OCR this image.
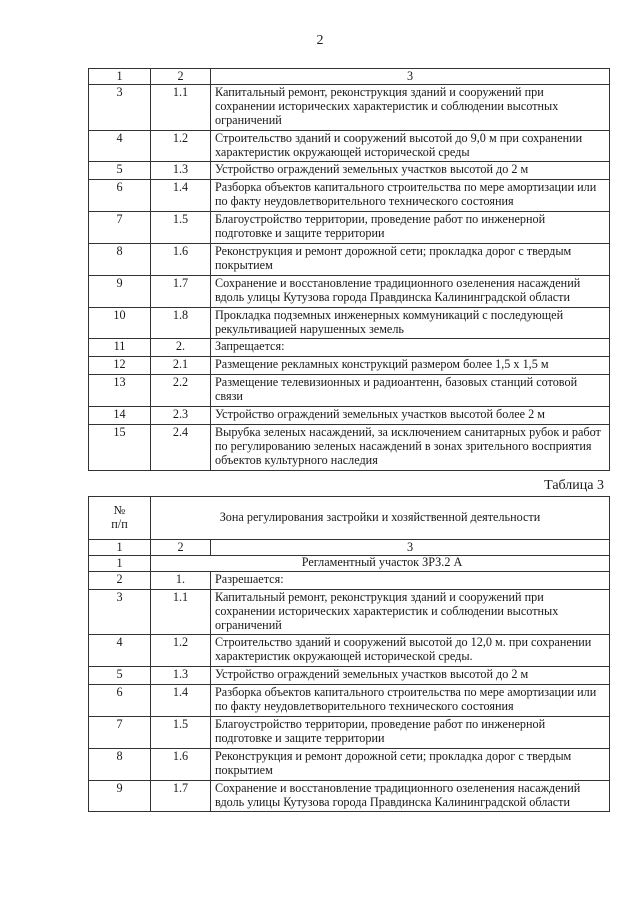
2
1	2	3
3	1.1	Капитальный ремонт, реконструкция зданий и сооружений при сохранении исторических характеристик и соблюдении высотных ограничений
4	1.2	Строительство зданий и сооружений высотой до 9,0 м при сохранении характеристик окружающей исторической среды
5	1.3	Устройство ограждений земельных участков высотой до 2 м
6	1.4	Разборка объектов капитального строительства по мере амортизации или по факту неудовлетворительного технического состояния
7	1.5	Благоустройство территории, проведение работ по инженерной подготовке и защите территории
8	1.6	Реконструкция и ремонт дорожной сети; прокладка дорог с твердым покрытием
9	1.7	Сохранение и восстановление традиционного озеленения насаждений вдоль улицы Кутузова города Правдинска Калининградской области
10	1.8	Прокладка подземных инженерных коммуникаций с последующей рекультивацией нарушенных земель
11	2.	Запрещается:
12	2.1	Размещение рекламных конструкций размером более 1,5 х 1,5 м
13	2.2	Размещение телевизионных и радиоантенн, базовых станций сотовой связи
14	2.3	Устройство ограждений земельных участков высотой более 2 м
15	2.4	Вырубка зеленых насаждений, за исключением санитарных рубок и работ по регулированию зеленых насаждений в зонах зрительного восприятия объектов культурного наследия
Таблица 3
№
п/п	Зона регулирования застройки и хозяйственной деятельности	
1	2	3
1	Регламентный участок ЗРЗ.2 А	
2	1.	Разрешается:
3	1.1	Капитальный ремонт, реконструкция зданий и сооружений при сохранении исторических характеристик и соблюдении высотных ограничений
4	1.2	Строительство зданий и сооружений высотой до 12,0 м. при сохранении характеристик окружающей исторической среды.
5	1.3	Устройство ограждений земельных участков высотой до 2 м
6	1.4	Разборка объектов капитального строительства по мере амортизации или по факту неудовлетворительного технического состояния
7	1.5	Благоустройство территории, проведение работ по инженерной подготовке и защите территории
8	1.6	Реконструкция и ремонт дорожной сети; прокладка дорог с твердым покрытием
9	1.7	Сохранение и восстановление традиционного озеленения насаждений вдоль улицы Кутузова города Правдинска Калининградской области
